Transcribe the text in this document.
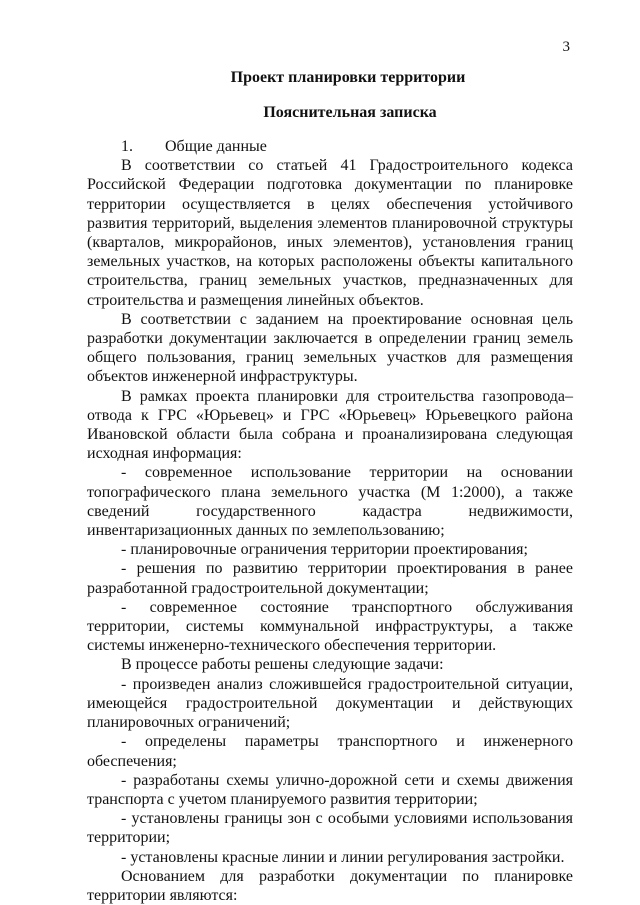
3
Проект планировки территории
Пояснительная записка

1. Общие данные

В соответствии со статьей 41 Градостроительного кодекса Российской Федерации подготовка документации по планировке территории осуществляется в целях обеспечения устойчивого развития территорий, выделения элементов планировочной структуры (кварталов, микрорайонов, иных элементов), установления границ земельных участков, на которых расположены объекты капитального строительства, границ земельных участков, предназначенных для строительства и размещения линейных объектов.

В соответствии с заданием на проектирование основная цель разработки документации заключается в определении границ земель общего пользования, границ земельных участков для размещения объектов инженерной инфраструктуры.

В рамках проекта планировки для строительства газопровода–отвода к ГРС «Юрьевец» и ГРС «Юрьевец» Юрьевецкого района Ивановской области была собрана и проанализирована следующая исходная информация:

- современное использование территории на основании топографического плана земельного участка (М 1:2000), а также сведений государственного кадастра недвижимости, инвентаризационных данных по землепользованию;

- планировочные ограничения территории проектирования;

- решения по развитию территории проектирования в ранее разработанной градостроительной документации;

- современное состояние транспортного обслуживания территории, системы коммунальной инфраструктуры, а также системы инженерно-технического обеспечения территории.

В процессе работы решены следующие задачи:

- произведен анализ сложившейся градостроительной ситуации, имеющейся градостроительной документации и действующих планировочных ограничений;

- определены параметры транспортного и инженерного обеспечения;

- разработаны схемы улично-дорожной сети и схемы движения транспорта с учетом планируемого развития территории;

- установлены границы зон с особыми условиями использования территории;

- установлены красные линии и линии регулирования застройки.

Основанием для разработки документации по планировке территории являются:
